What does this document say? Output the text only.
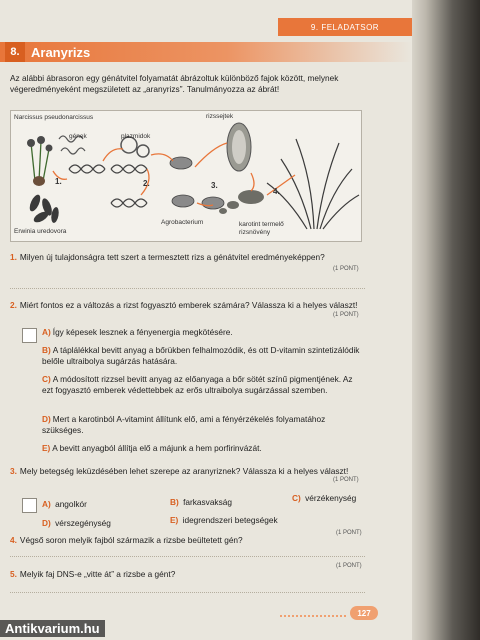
9. FELADATSOR
8. Aranyrizs
Az alábbi ábrasoron egy génátvitel folyamatát ábrázoltuk különböző fajok között, melynek végeredményeként megszületett az „aranyrizs”. Tanulmányozza az ábrát!
Narcissus pseudonarcissus
gének	plazmidok
rizssejtek
Erwinia uredovora
Agrobacterium	karotint termelő rizsnövény
1.	2.	3.
4.
1. Milyen új tulajdonságra tett szert a termesztett rizs a génátvitel eredményeképpen?
(1 PONT)
2. Miért fontos ez a változás a rizst fogyasztó emberek számára? Válassza ki a helyes választ!
(1 PONT)
A) Így képesek lesznek a fényenergia megkötésére.
B) A táplálékkal bevitt anyag a bőrükben felhalmozódik, és ott D-vitamin szintetizálódik belőle ultraibolya sugárzás hatására.
C) A módosított rizzsel bevitt anyag az előanyaga a bőr sötét színű pigmentjének. Az ezt fogyasztó emberek védettebbek az erős ultraibolya sugárzással szemben.
D) Mert a karotinból A-vitamint állítunk elő, ami a fényérzékelés folyamatához szükséges.
E) A bevitt anyagból állítja elő a májunk a hem porfirinvázát.
3. Mely betegség leküzdésében lehet szerepe az aranyriznek? Válassza ki a helyes választ!
(1 PONT)
A) angolkór	B) farkasvakság	C) vérzékenység
D) vérszegénység	E) idegrendszeri betegségek
4. Végső soron melyik fajból származik a rizsbe beültetett gén?
(1 PONT)
5. Melyik faj DNS-e „vitte át” a rizsbe a gént?
(1 PONT)
127
Antikvarium.hu
